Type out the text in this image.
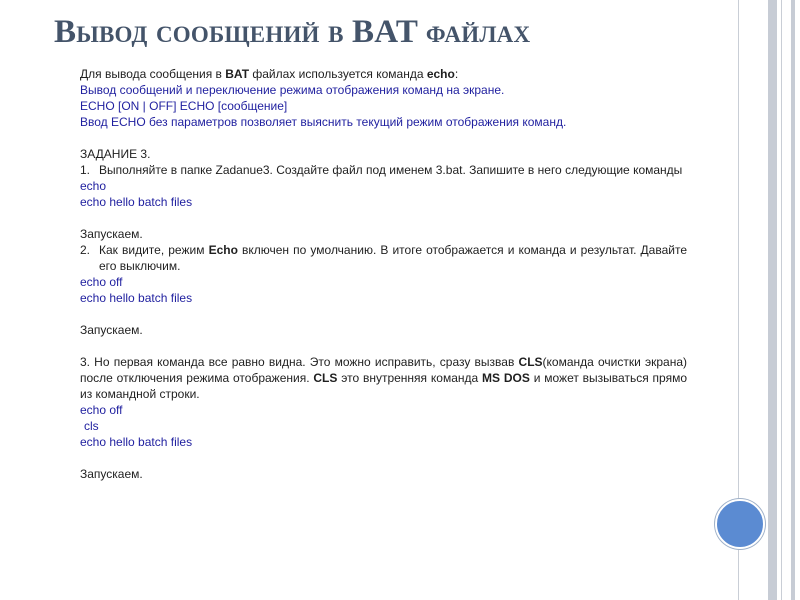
Вывод сообщений в BAT файлах

Для вывода сообщения в BAT файлах используется команда echo:

Вывод сообщений и переключение режима отображения команд на экране.

ECHO [ON | OFF] ECHO [сообщение]

Ввод ECHO без параметров позволяет выяснить текущий режим отображения команд.

ЗАДАНИЕ 3.

1. Выполняйте в папке Zadanue3. Создайте файл под именем 3.bat. Запишите в него следующие команды

echo

echo hello batch files

Запускаем.

2. Как видите, режим Echo включен по умолчанию. В итоге отображается и команда и результат. Давайте его выключим.

echo off

echo hello batch files

Запускаем.

3. Но первая команда все равно видна. Это можно исправить, сразу вызвав CLS(команда очистки экрана) после отключения режима отображения. CLS это внутренняя команда MS DOS и может вызываться прямо из командной строки.

echo off

cls

echo hello batch files

Запускаем.
